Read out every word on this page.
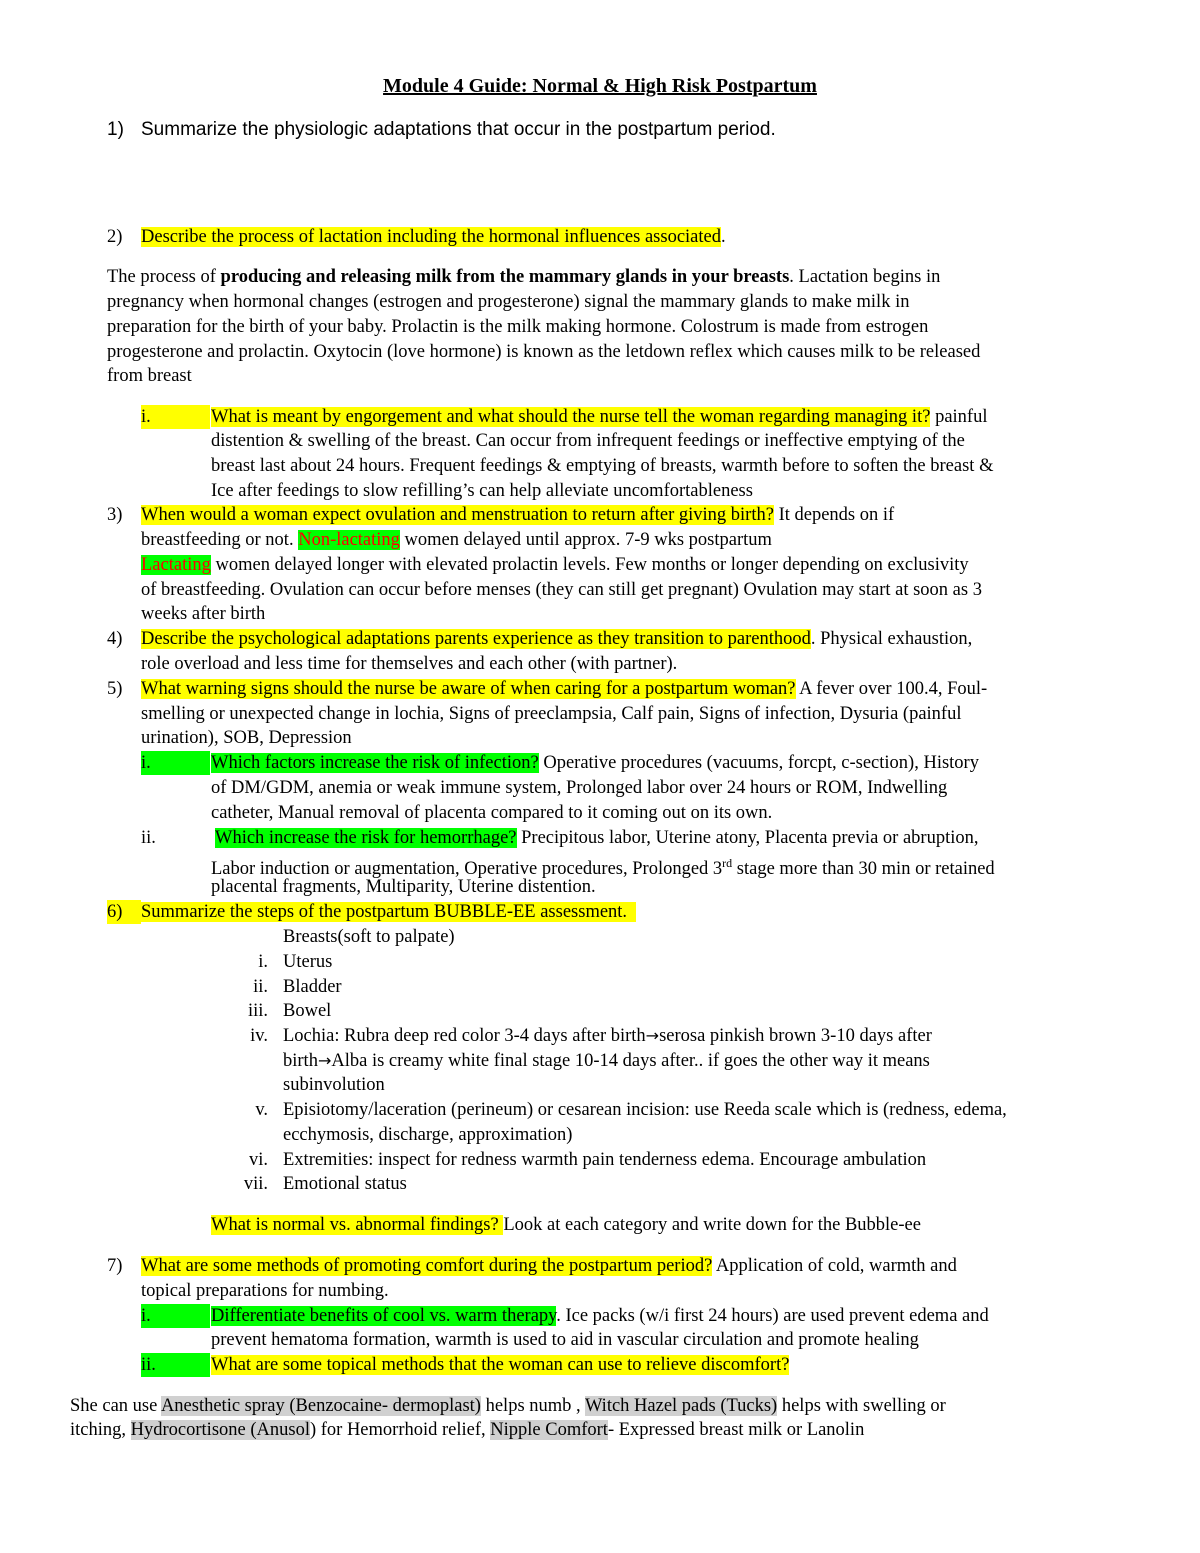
Module 4 Guide: Normal & High Risk Postpartum
1) Summarize the physiologic adaptations that occur in the postpartum period.
2) Describe the process of lactation including the hormonal influences associated.
The process of producing and releasing milk from the mammary glands in your breasts. Lactation begins in
pregnancy when hormonal changes (estrogen and progesterone) signal the mammary glands to make milk in
preparation for the birth of your baby. Prolactin is the milk making hormone. Colostrum is made from estrogen
progesterone and prolactin. Oxytocin (love hormone) is known as the letdown reflex which causes milk to be released
from breast
i.	What is meant by engorgement and what should the nurse tell the woman regarding managing it? painful
distention & swelling of the breast. Can occur from infrequent feedings or ineffective emptying of the
breast last about 24 hours. Frequent feedings & emptying of breasts, warmth before to soften the breast &
Ice after feedings to slow refilling’s can help alleviate uncomfortableness
3) When would a woman expect ovulation and menstruation to return after giving birth? It depends on if
breastfeeding or not. Non-lactating women delayed until approx. 7-9 wks postpartum
Lactating women delayed longer with elevated prolactin levels. Few months or longer depending on exclusivity
of breastfeeding. Ovulation can occur before menses (they can still get pregnant) Ovulation may start at soon as 3
weeks after birth
4) Describe the psychological adaptations parents experience as they transition to parenthood. Physical exhaustion,
role overload and less time for themselves and each other (with partner).
5) What warning signs should the nurse be aware of when caring for a postpartum woman? A fever over 100.4, Foul-
smelling or unexpected change in lochia, Signs of preeclampsia, Calf pain, Signs of infection, Dysuria (painful
urination), SOB, Depression
i.	Which factors increase the risk of infection? Operative procedures (vacuums, forcpt, c-section), History
of DM/GDM, anemia or weak immune system, Prolonged labor over 24 hours or ROM, Indwelling
catheter, Manual removal of placenta compared to it coming out on its own.
ii.	Which increase the risk for hemorrhage? Precipitous labor, Uterine atony, Placenta previa or abruption,
Labor induction or augmentation, Operative procedures, Prolonged 3rd stage more than 30 min or retained
placental fragments, Multiparity, Uterine distention.
6)	Summarize the steps of the postpartum BUBBLE-EE assessment.
Breasts(soft to palpate)
i. Uterus
ii. Bladder
iii. Bowel
iv. Lochia: Rubra deep red color 3-4 days after birth→serosa pinkish brown 3-10 days after
birth→Alba is creamy white final stage 10-14 days after.. if goes the other way it means
subinvolution
v. Episiotomy/laceration (perineum) or cesarean incision: use Reeda scale which is (redness, edema,
ecchymosis, discharge, approximation)
vi. Extremities: inspect for redness warmth pain tenderness edema. Encourage ambulation
vii. Emotional status
What is normal vs. abnormal findings? Look at each category and write down for the Bubble-ee
7) What are some methods of promoting comfort during the postpartum period? Application of cold, warmth and
topical preparations for numbing.
i.	Differentiate benefits of cool vs. warm therapy. Ice packs (w/i first 24 hours) are used prevent edema and
prevent hematoma formation, warmth is used to aid in vascular circulation and promote healing
ii.	What are some topical methods that the woman can use to relieve discomfort?
She can use Anesthetic spray (Benzocaine- dermoplast) helps numb , Witch Hazel pads (Tucks) helps with swelling or
itching, Hydrocortisone (Anusol) for Hemorrhoid relief, Nipple Comfort- Expressed breast milk or Lanolin
